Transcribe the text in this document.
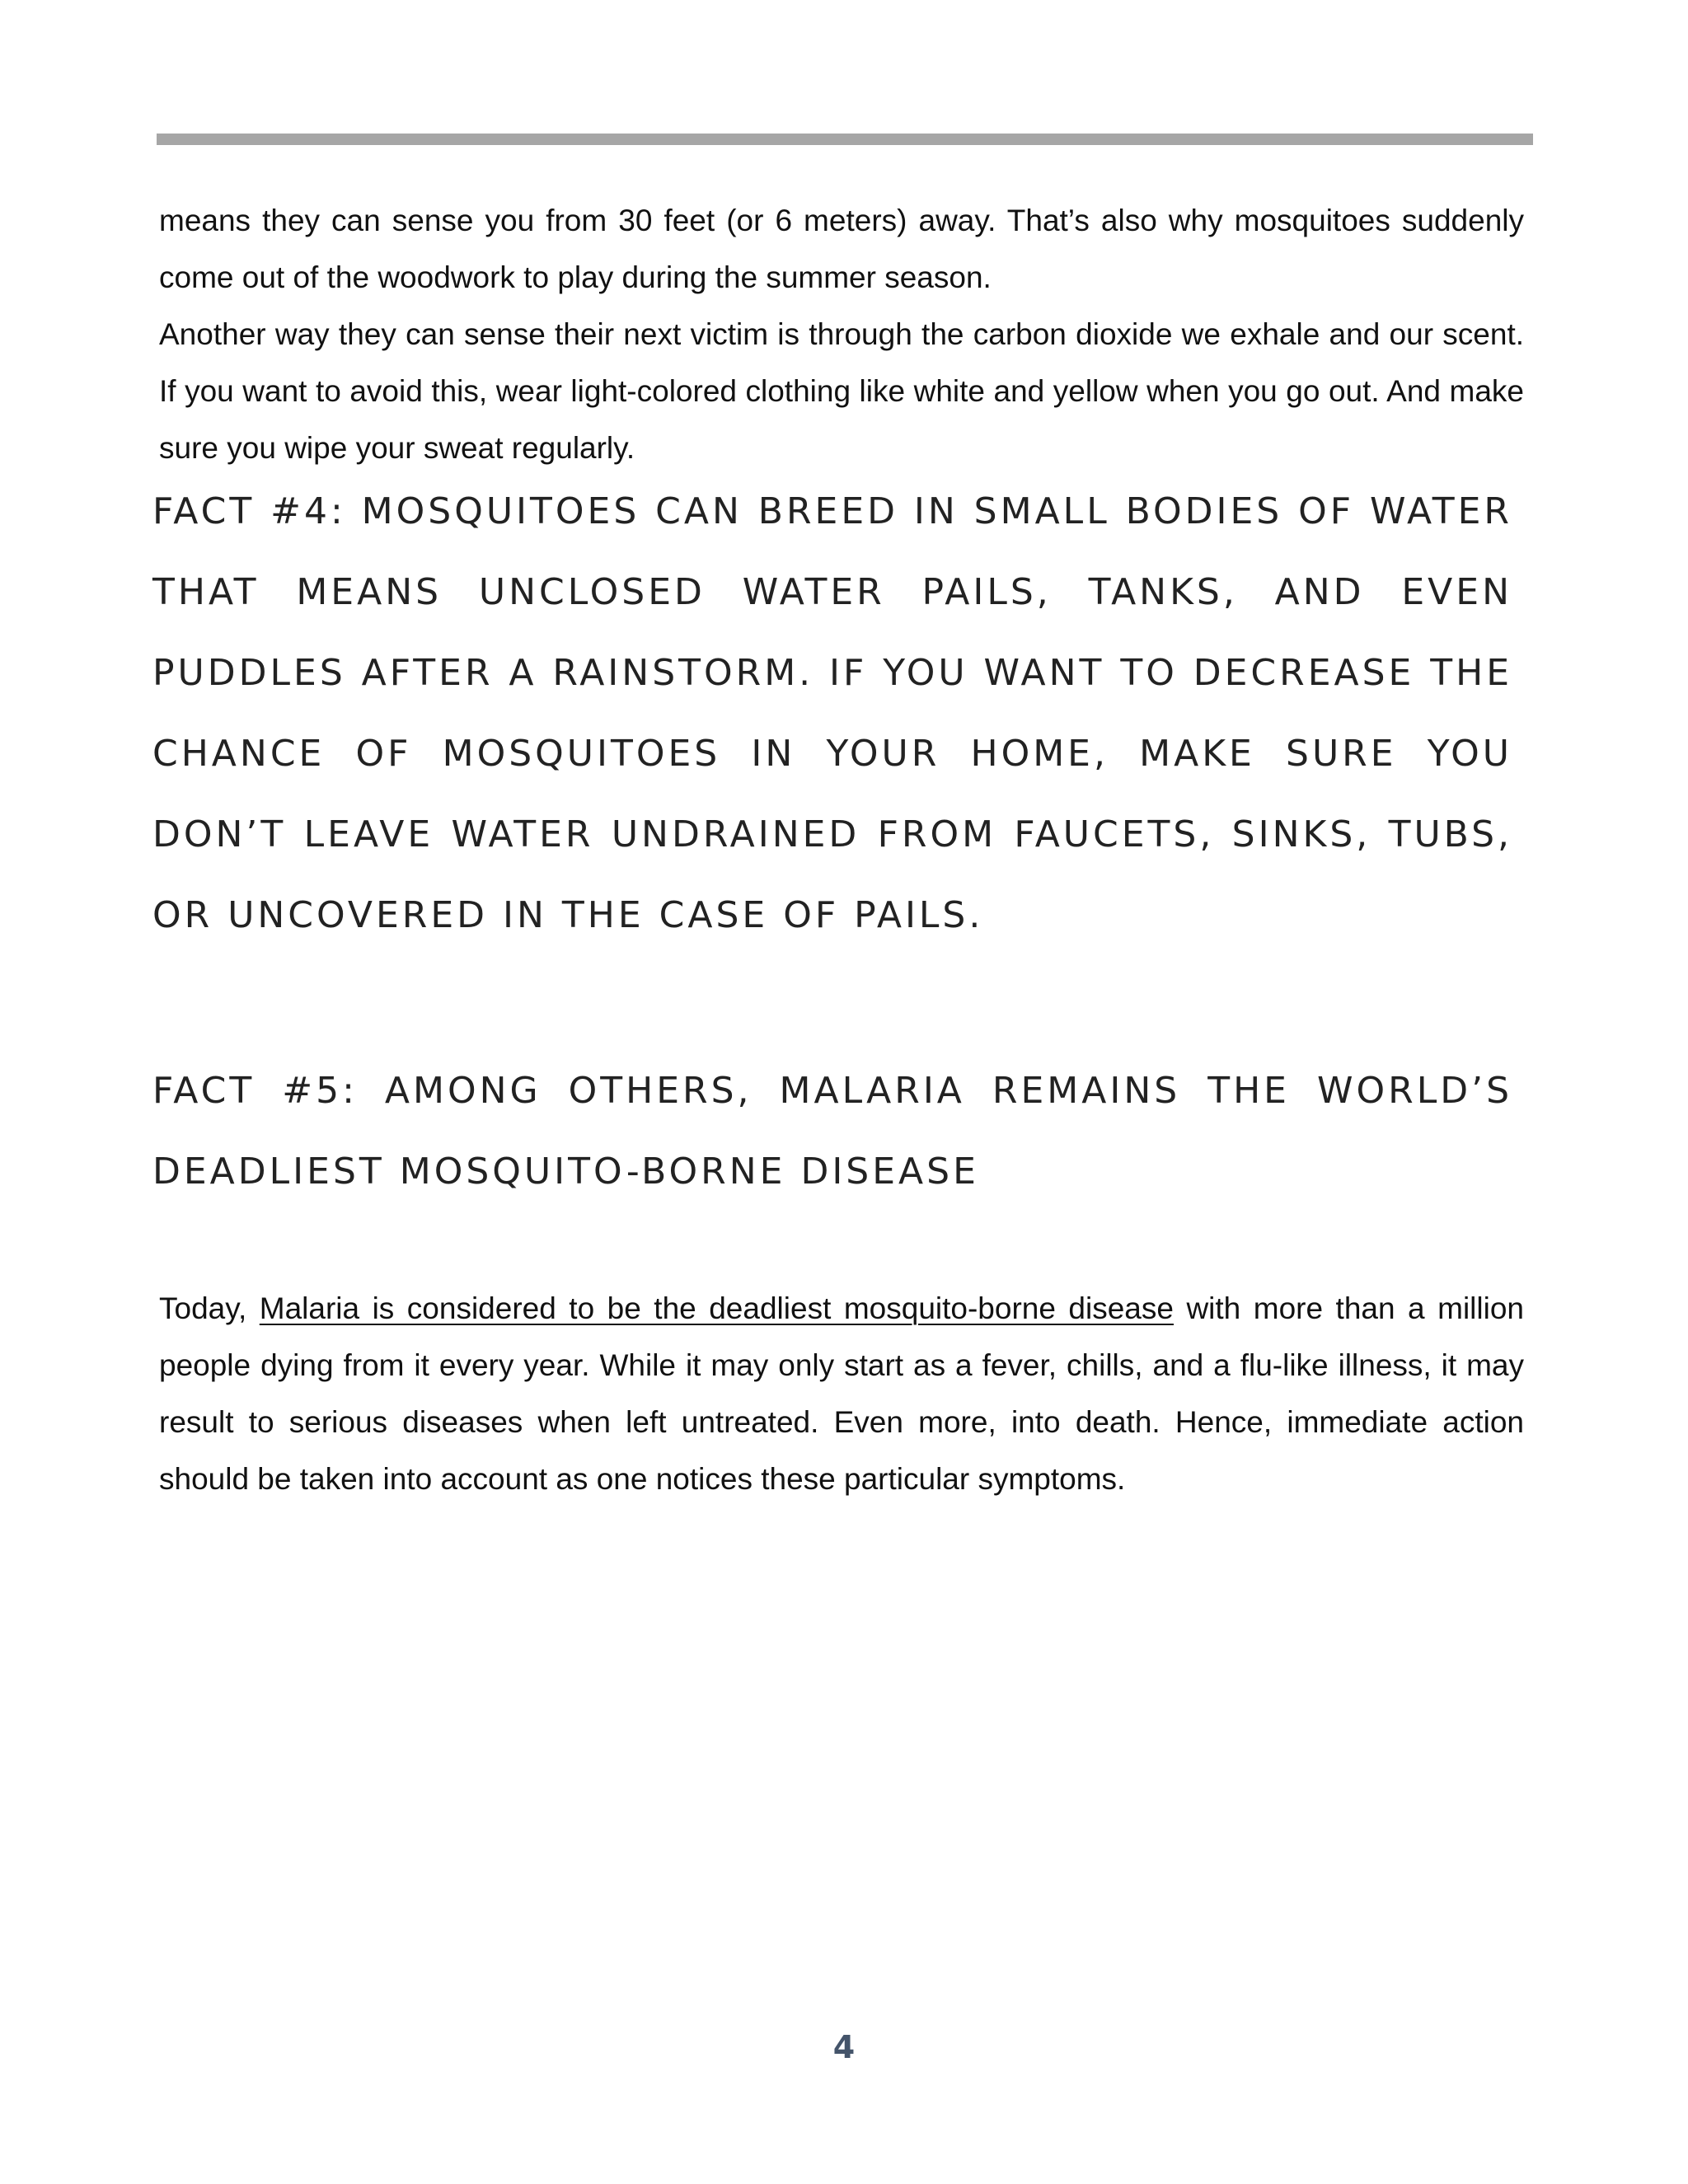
means they can sense you from 30 feet (or 6 meters) away. That’s also why mosquitoes suddenly come out of the woodwork to play during the summer season.
Another way they can sense their next victim is through the carbon dioxide we exhale and our scent. If you want to avoid this, wear light-colored clothing like white and yellow when you go out. And make sure you wipe your sweat regularly.

FACT #4: MOSQUITOES CAN BREED IN SMALL BODIES OF WATER THAT MEANS UNCLOSED WATER PAILS, TANKS, AND EVEN PUDDLES AFTER A RAINSTORM. IF YOU WANT TO DECREASE THE CHANCE OF MOSQUITOES IN YOUR HOME, MAKE SURE YOU DON’T LEAVE WATER UNDRAINED FROM FAUCETS, SINKS, TUBS, OR UNCOVERED IN THE CASE OF PAILS.

FACT #5: AMONG OTHERS, MALARIA REMAINS THE WORLD’S DEADLIEST MOSQUITO-BORNE DISEASE

Today, Malaria is considered to be the deadliest mosquito-borne disease with more than a million people dying from it every year. While it may only start as a fever, chills, and a flu-like illness, it may result to serious diseases when left untreated. Even more, into death. Hence, immediate action should be taken into account as one notices these particular symptoms.

4
